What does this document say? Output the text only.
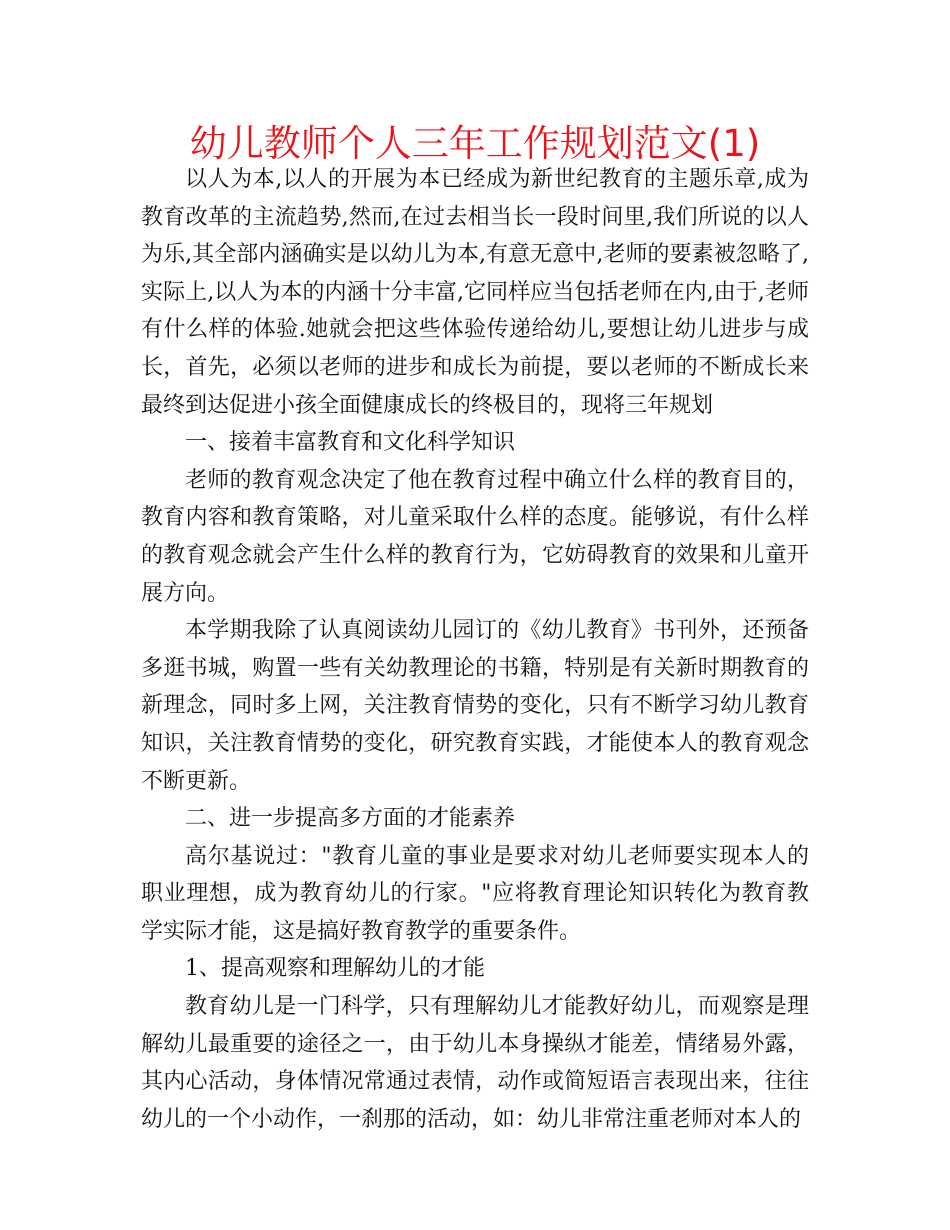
幼儿教师个人三年工作规划范文(1)

以人为本,以人的开展为本已经成为新世纪教育的主题乐章,成为教育改革的主流趋势,然而,在过去相当长一段时间里,我们所说的以人为乐,其全部内涵确实是以幼儿为本,有意无意中,老师的要素被忽略了,实际上,以人为本的内涵十分丰富,它同样应当包括老师在内,由于,老师有什么样的体验.她就会把这些体验传递给幼儿,要想让幼儿进步与成长，首先，必须以老师的进步和成长为前提，要以老师的不断成长来最终到达促进小孩全面健康成长的终极目的，现将三年规划

一、接着丰富教育和文化科学知识

老师的教育观念决定了他在教育过程中确立什么样的教育目的，教育内容和教育策略，对儿童采取什么样的态度。能够说，有什么样的教育观念就会产生什么样的教育行为，它妨碍教育的效果和儿童开展方向。

本学期我除了认真阅读幼儿园订的《幼儿教育》书刊外，还预备多逛书城，购置一些有关幼教理论的书籍，特别是有关新时期教育的新理念，同时多上网，关注教育情势的变化，只有不断学习幼儿教育知识，关注教育情势的变化，研究教育实践，才能使本人的教育观念不断更新。

二、进一步提高多方面的才能素养

高尔基说过："教育儿童的事业是要求对幼儿老师要实现本人的职业理想，成为教育幼儿的行家。"应将教育理论知识转化为教育教学实际才能，这是搞好教育教学的重要条件。

1、提高观察和理解幼儿的才能

教育幼儿是一门科学，只有理解幼儿才能教好幼儿，而观察是理解幼儿最重要的途径之一，由于幼儿本身操纵才能差，情绪易外露，其内心活动，身体情况常通过表情，动作或简短语言表现出来，往往幼儿的一个小动作，一刹那的活动，如：幼儿非常注重老师对本人的
